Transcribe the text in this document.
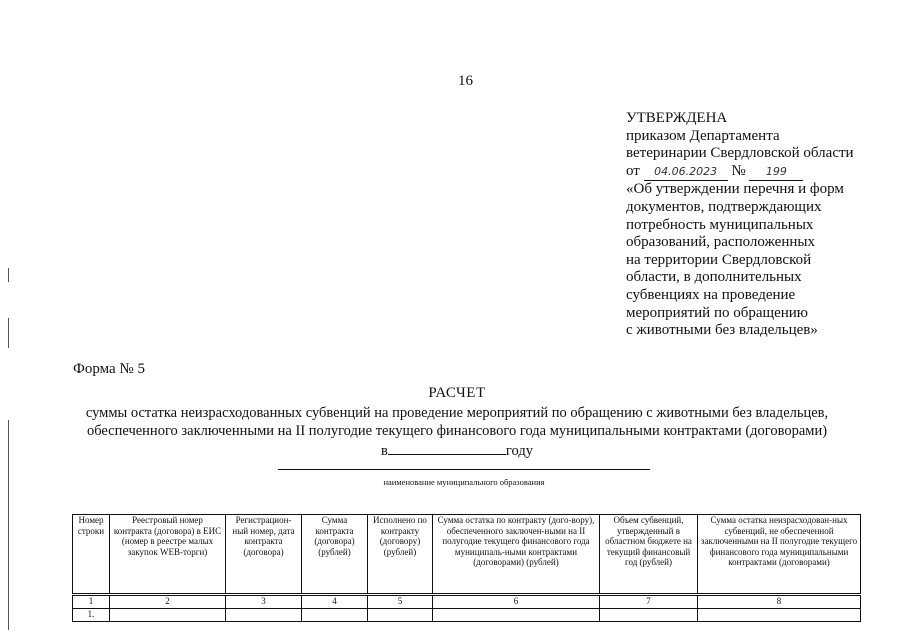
16
УТВЕРЖДЕНА
приказом Департамента
ветеринарии Свердловской области
от 04.06.2023 № 199
«Об утверждении перечня и форм
документов, подтверждающих
потребность муниципальных
образований, расположенных
на территории Свердловской
области, в дополнительных
субвенциях на проведение
мероприятий по обращению
с животными без владельцев»
Форма № 5
РАСЧЕТ
суммы остатка неизрасходованных субвенций на проведение мероприятий по обращению с животными без владельцев,
обеспеченного заключенными на II полугодие текущего финансового года муниципальными контрактами (договорами)
в	году
наименование муниципального образования
Номер строки	Реестровый номер контракта (договора) в ЕИС (номер в реестре малых закупок WEB-торги)	Регистрацион-ный номер, дата контракта (договора)	Сумма контракта (договора) (рублей)	Исполнено по контракту (договору) (рублей)	Сумма остатка по контракту (дого-вору), обеспеченного заключен-ными на II полугодие текущего финансового года муниципаль-ными контрактами (договорами) (рублей)	Объем субвенций, утвержденный в областном бюджете на текущий финансовый год (рублей)	Сумма остатка неизрасходован-ных субвенций, не обеспеченной заключенными на II полугодие текущего финансового года муниципальными контрактами (договорами)
1	2	3	4	5	6	7	8
1.							
